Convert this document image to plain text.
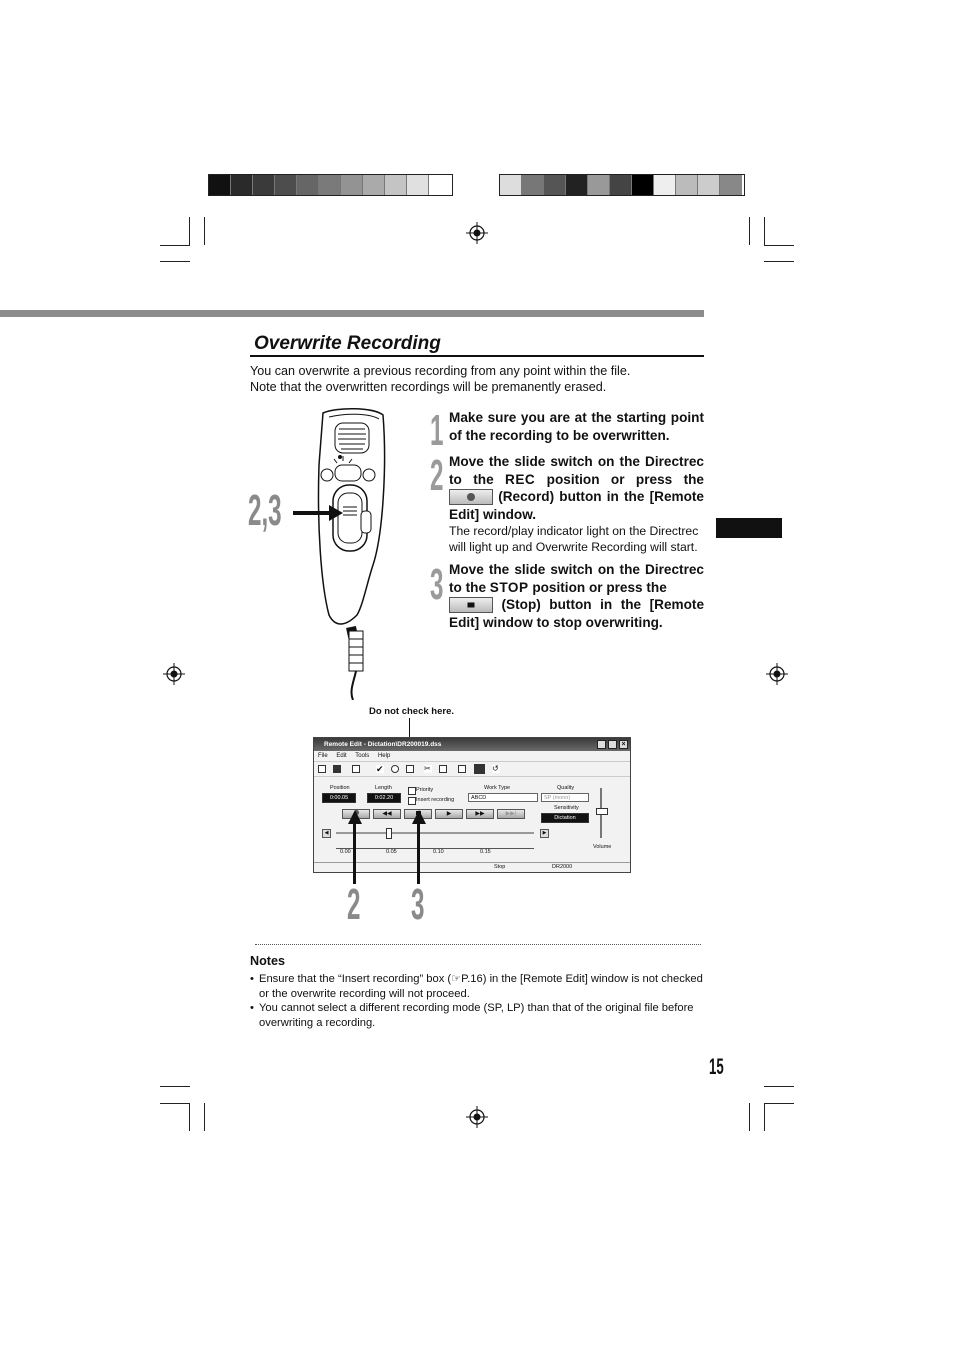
Overwrite Recording
You can overwrite a previous recording from any point within the file.
Note that the overwritten recordings will be premanently erased.
2,3
1 Make sure you are at the starting point of the recording to be overwritten.
2 Move the slide switch on the Directrec to the REC position or press the
(Record) button in the [Remote Edit] window.
The record/play indicator light on the Directrec will light up and Overwrite Recording will start.
3 Move the slide switch on the Directrec to the STOP position or press the

(Stop) button in the [Remote Edit] window to stop overwriting.
Do not check here.
Remote Edit - Dictation\DR200019.dss	×
File Edit Tools Help
✔	✂	↺
Position
0:00.05
Length
0:02.20
Priority
Insert recording
Work Type
ABCD
Quality
SP (mono)
Sensitivity
Dictation
◀◀	▶	▶▶	▶▶|
◀	▶
0.00	0.05	0.10	0.15
Volume
Stop	DR2000
2 3
Notes
• Ensure that the “Insert recording” box (☞P.16) in the [Remote Edit] window is not checked or the overwrite recording will not proceed.
• You cannot select a different recording mode (SP, LP) than that of the original file before overwriting a recording.
15
